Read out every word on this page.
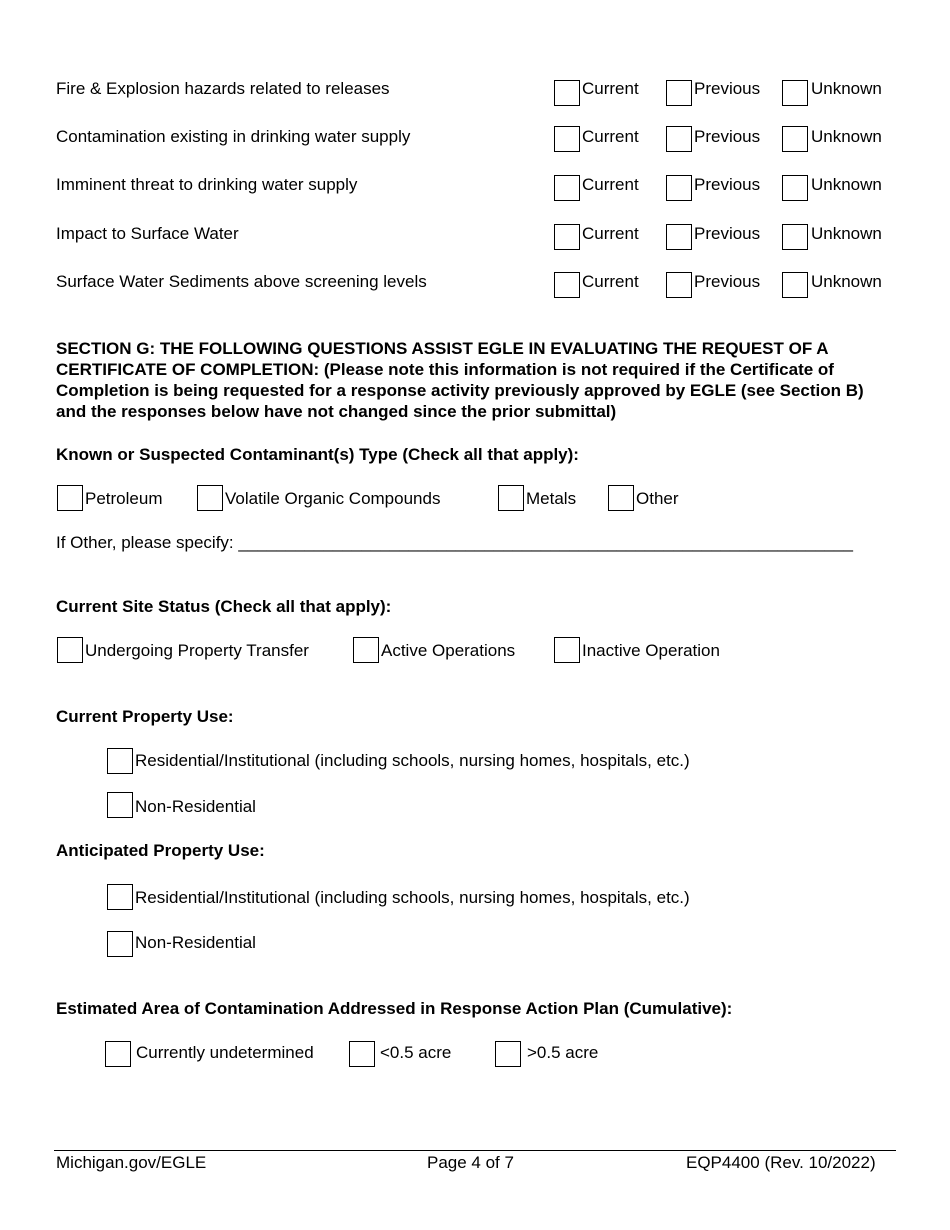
Fire & Explosion hazards related to releases	Current	Previous	Unknown
Contamination existing in drinking water supply	Current	Previous	Unknown
Imminent threat to drinking water supply	Current	Previous	Unknown
Impact to Surface Water	Current	Previous	Unknown
Surface Water Sediments above screening levels	Current	Previous	Unknown
SECTION G: THE FOLLOWING QUESTIONS ASSIST EGLE IN EVALUATING THE REQUEST OF A CERTIFICATE OF COMPLETION: (Please note this information is not required if the Certificate of Completion is being requested for a response activity previously approved by EGLE (see Section B) and the responses below have not changed since the prior submittal)
Known or Suspected Contaminant(s) Type (Check all that apply):
Petroleum	Volatile Organic Compounds	Metals	Other
If Other, please specify: _________________________________________________________________
Current Site Status (Check all that apply):
Undergoing Property Transfer	Active Operations	Inactive Operation
Current Property Use:
Residential/Institutional (including schools, nursing homes, hospitals, etc.)
Non-Residential
Anticipated Property Use:
Residential/Institutional (including schools, nursing homes, hospitals, etc.)
Non-Residential
Estimated Area of Contamination Addressed in Response Action Plan (Cumulative):
Currently undetermined	<0.5 acre	>0.5 acre
Michigan.gov/EGLE	Page 4 of 7	EQP4400 (Rev. 10/2022)
